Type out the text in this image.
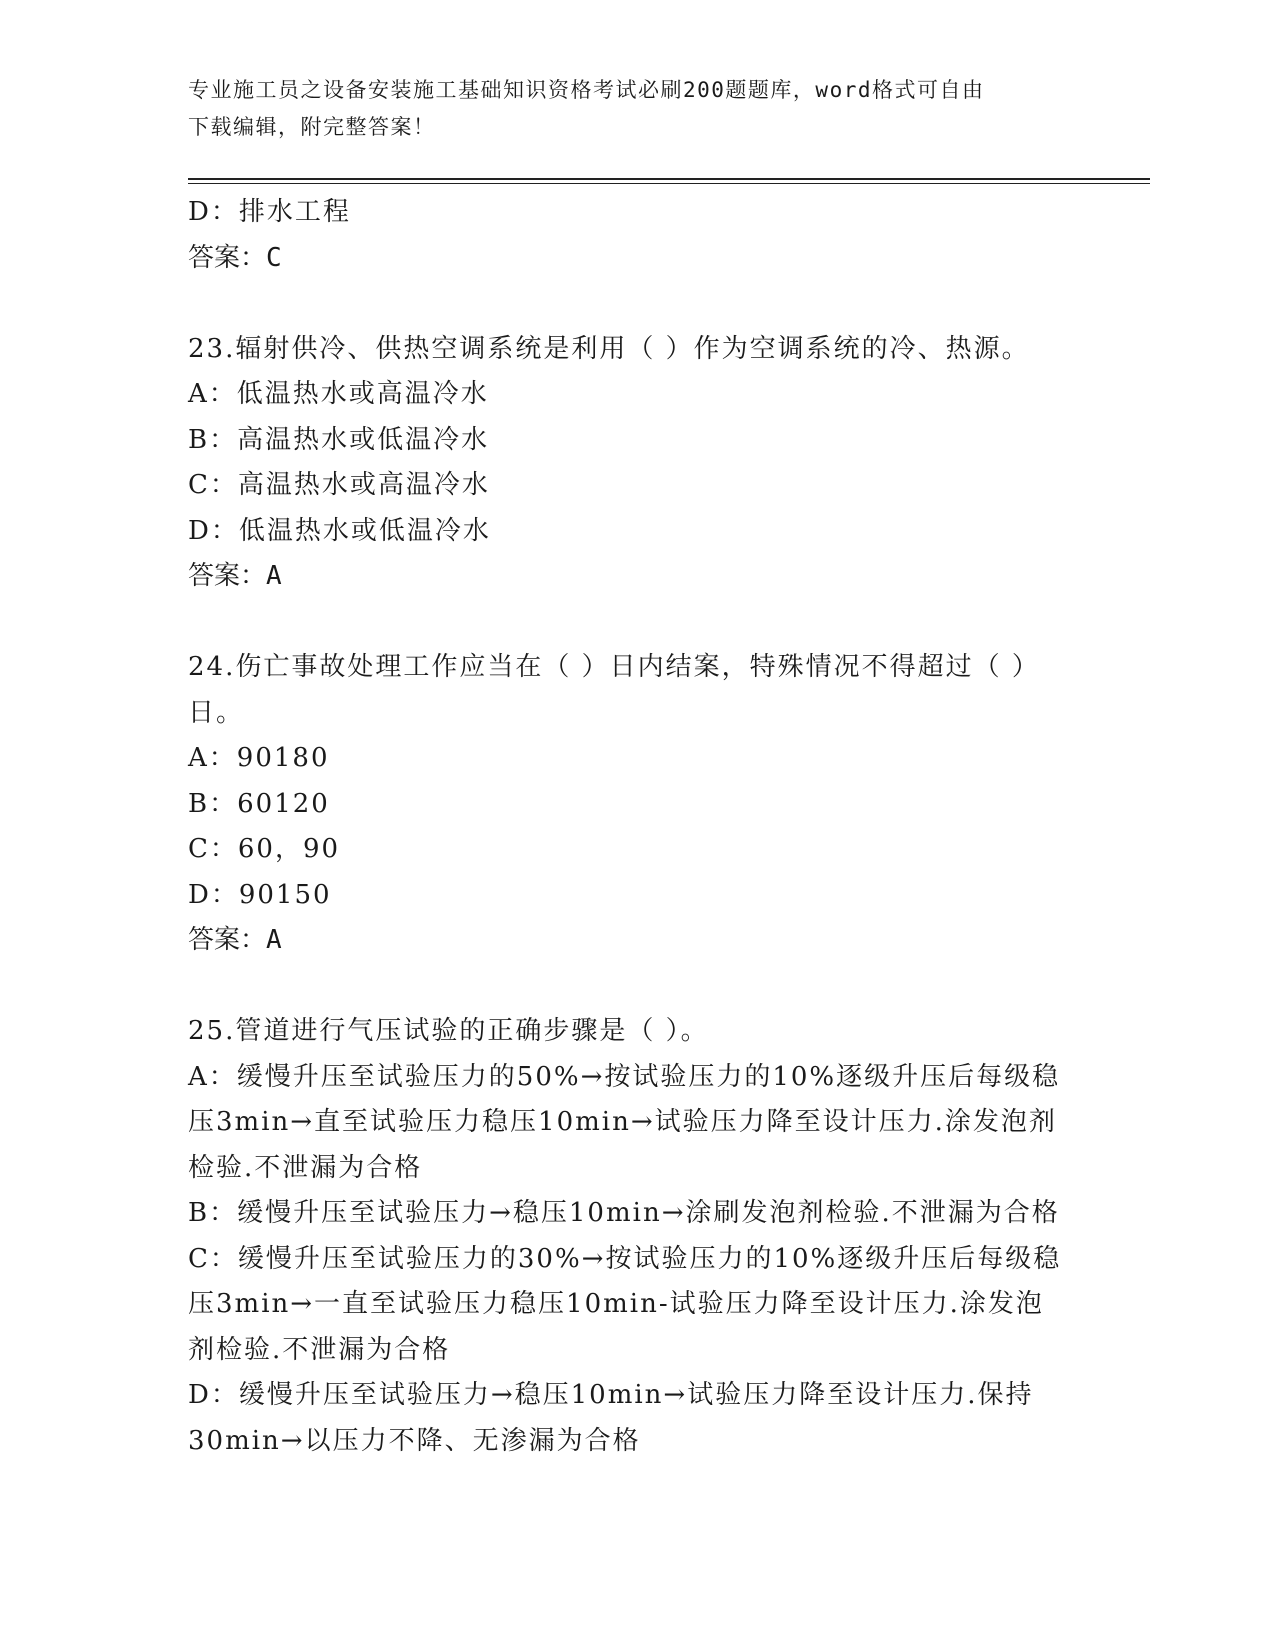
专业施工员之设备安装施工基础知识资格考试必刷200题题库，word格式可自由
下载编辑，附完整答案！
D：排水工程
答案：C
23.辐射供冷、供热空调系统是利用（ ）作为空调系统的冷、热源。
A：低温热水或高温冷水
B：高温热水或低温冷水
C：高温热水或高温冷水
D：低温热水或低温冷水
答案：A
24.伤亡事故处理工作应当在（ ）日内结案，特殊情况不得超过（ ）
日。
A：90180
B：60120
C：60，90
D：90150
答案：A
25.管道进行气压试验的正确步骤是（ ）。
A：缓慢升压至试验压力的50%→按试验压力的10%逐级升压后每级稳
压3min→直至试验压力稳压10min→试验压力降至设计压力.涂发泡剂
检验.不泄漏为合格
B：缓慢升压至试验压力→稳压10min→涂刷发泡剂检验.不泄漏为合格
C：缓慢升压至试验压力的30%→按试验压力的10%逐级升压后每级稳
压3min→一直至试验压力稳压10min-试验压力降至设计压力.涂发泡
剂检验.不泄漏为合格
D：缓慢升压至试验压力→稳压10min→试验压力降至设计压力.保持
30min→以压力不降、无渗漏为合格
